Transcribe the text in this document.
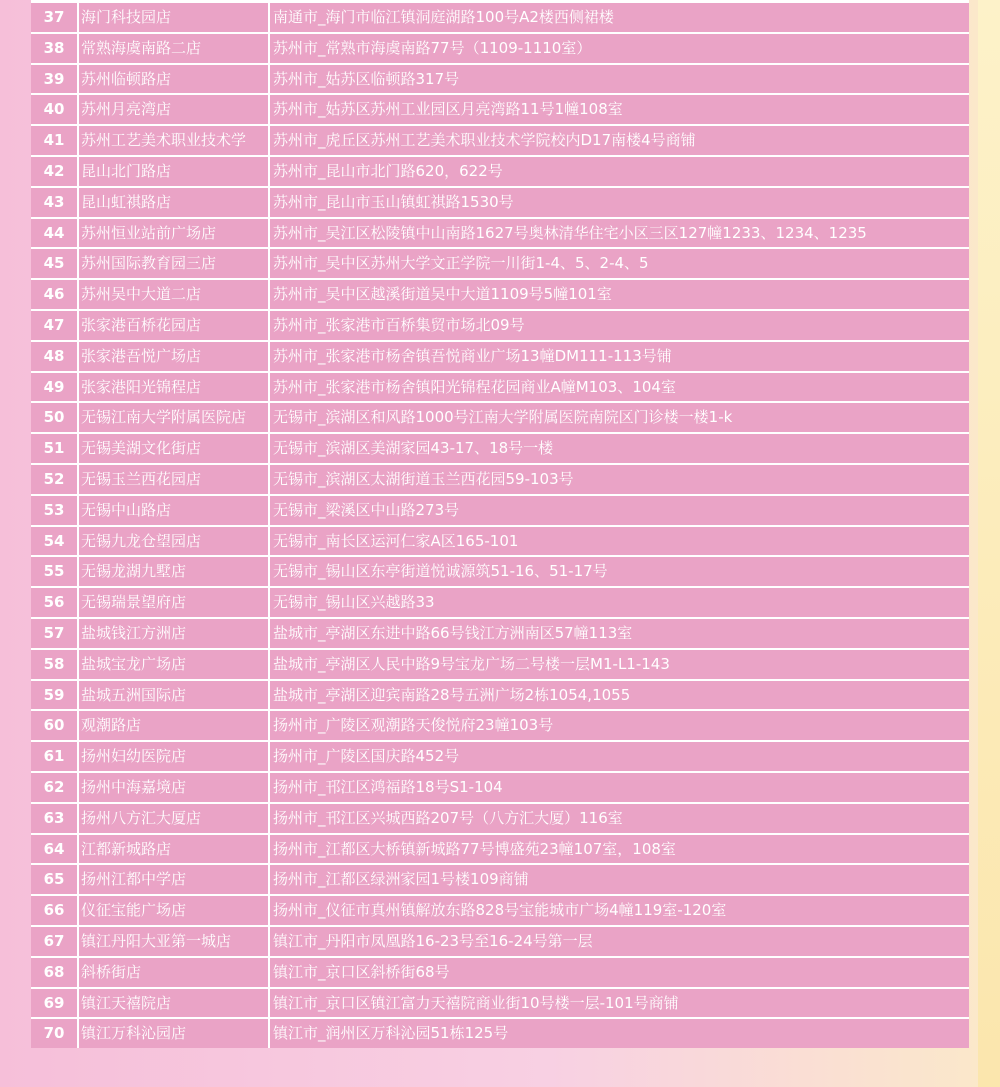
37	海门科技园店	南通市_海门市临江镇洞庭湖路100号A2楼西侧裙楼
38	常熟海虞南路二店	苏州市_常熟市海虞南路77号（1109-1110室）
39	苏州临顿路店	苏州市_姑苏区临顿路317号
40	苏州月亮湾店	苏州市_姑苏区苏州工业园区月亮湾路11号1幢108室
41	苏州工艺美术职业技术学	苏州市_虎丘区苏州工艺美术职业技术学院校内D17南楼4号商铺
42	昆山北门路店	苏州市_昆山市北门路620，622号
43	昆山虹祺路店	苏州市_昆山市玉山镇虹祺路1530号
44	苏州恒业站前广场店	苏州市_吴江区松陵镇中山南路1627号奥林清华住宅小区三区127幢1233、1234、1235
45	苏州国际教育园三店	苏州市_吴中区苏州大学文正学院一川街1-4、5、2-4、5
46	苏州吴中大道二店	苏州市_吴中区越溪街道吴中大道1109号5幢101室
47	张家港百桥花园店	苏州市_张家港市百桥集贸市场北09号
48	张家港吾悦广场店	苏州市_张家港市杨舍镇吾悦商业广场13幢DM111-113号铺
49	张家港阳光锦程店	苏州市_张家港市杨舍镇阳光锦程花园商业A幢M103、104室
50	无锡江南大学附属医院店	无锡市_滨湖区和风路1000号江南大学附属医院南院区门诊楼一楼1-k
51	无锡美湖文化街店	无锡市_滨湖区美湖家园43-17、18号一楼
52	无锡玉兰西花园店	无锡市_滨湖区太湖街道玉兰西花园59-103号
53	无锡中山路店	无锡市_梁溪区中山路273号
54	无锡九龙仓望园店	无锡市_南长区运河仁家A区165-101
55	无锡龙湖九墅店	无锡市_锡山区东亭街道悦诚源筑51-16、51-17号
56	无锡瑞景望府店	无锡市_锡山区兴越路33
57	盐城钱江方洲店	盐城市_亭湖区东进中路66号钱江方洲南区57幢113室
58	盐城宝龙广场店	盐城市_亭湖区人民中路9号宝龙广场二号楼一层M1-L1-143
59	盐城五洲国际店	盐城市_亭湖区迎宾南路28号五洲广场2栋1054,1055
60	观潮路店	扬州市_广陵区观潮路天俊悦府23幢103号
61	扬州妇幼医院店	扬州市_广陵区国庆路452号
62	扬州中海嘉境店	扬州市_邗江区鸿福路18号S1-104
63	扬州八方汇大厦店	扬州市_邗江区兴城西路207号（八方汇大厦）116室
64	江都新城路店	扬州市_江都区大桥镇新城路77号博盛苑23幢107室，108室
65	扬州江都中学店	扬州市_江都区绿洲家园1号楼109商铺
66	仪征宝能广场店	扬州市_仪征市真州镇解放东路828号宝能城市广场4幢119室-120室
67	镇江丹阳大亚第一城店	镇江市_丹阳市凤凰路16-23号至16-24号第一层
68	斜桥街店	镇江市_京口区斜桥街68号
69	镇江天禧院店	镇江市_京口区镇江富力天禧院商业街10号楼一层-101号商铺
70	镇江万科沁园店	镇江市_润州区万科沁园51栋125号
